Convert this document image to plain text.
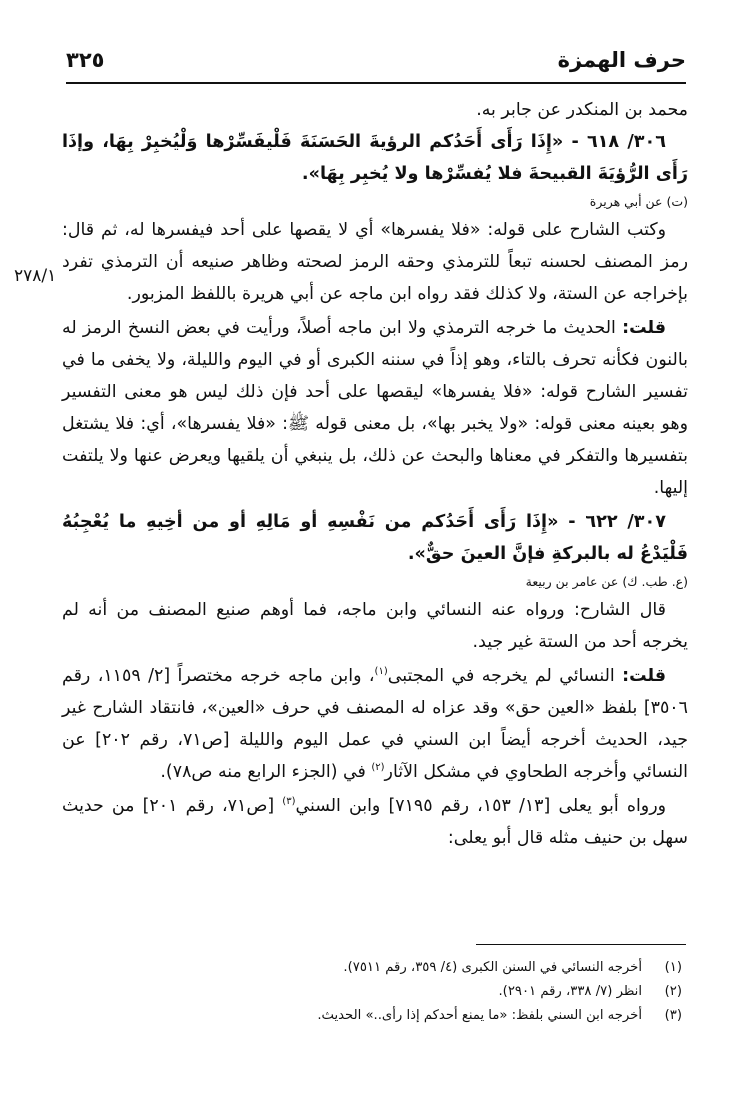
حرف الهمزة
٣٢٥
٢٧٨/١

محمد بن المنكدر عن جابر به.

٣٠٦/ ٦١٨ - «إِذَا رَأَى أَحَدُكم الرؤيةَ الحَسَنَةَ فَلْيفَسِّرْها وَلْيُخبِرْ بِهَا، وإذَا رَأَى الرُّؤيَةَ القبيحةَ فلا يُفسِّرْها ولا يُخبِر بِهَا».

(ت) عن أبي هريرة

وكتب الشارح على قوله: «فلا يفسرها» أي لا يقصها على أحد فيفسرها له، ثم قال: رمز المصنف لحسنه تبعاً للترمذي وحقه الرمز لصحته وظاهر صنيعه أن الترمذي تفرد بإخراجه عن الستة، ولا كذلك فقد رواه ابن ماجه عن أبي هريرة باللفظ المزبور.

قلت: الحديث ما خرجه الترمذي ولا ابن ماجه أصلاً، ورأيت في بعض النسخ الرمز له بالنون فكأنه تحرف بالتاء، وهو إذاً في سننه الكبرى أو في اليوم والليلة، ولا يخفى ما في تفسير الشارح قوله: «فلا يفسرها» ليقصها على أحد فإن ذلك ليس هو معنى التفسير وهو بعينه معنى قوله: «ولا يخبر بها»، بل معنى قوله ﷺ: «فلا يفسرها»، أي: فلا يشتغل بتفسيرها والتفكر في معناها والبحث عن ذلك، بل ينبغي أن يلقيها ويعرض عنها ولا يلتفت إليها.

٣٠٧/ ٦٢٢ - «إِذَا رَأَى أَحَدُكم من نَفْسِهِ أو مَالِهِ أو من أخِيهِ ما يُعْجِبُهُ فَلْيَدْعُ له بالبركةِ فإنَّ العينَ حقٌّ».

(ع. طب. ك) عن عامر بن ربيعة

قال الشارح: ورواه عنه النسائي وابن ماجه، فما أوهم صنيع المصنف من أنه لم يخرجه أحد من الستة غير جيد.

قلت: النسائي لم يخرجه في المجتبى$^{(١)}$، وابن ماجه خرجه مختصراً [٢/ ١١٥٩، رقم ٣٥٠٦] بلفظ «العين حق» وقد عزاه له المصنف في حرف «العين»، فانتقاد الشارح غير جيد، الحديث أخرجه أيضاً ابن السني في عمل اليوم والليلة [ص٧١، رقم ٢٠٢] عن النسائي وأخرجه الطحاوي في مشكل الآثار$^{(٢)}$ في (الجزء الرابع منه ص٧٨).

ورواه أبو يعلى [١٣/ ١٥٣، رقم ٧١٩٥] وابن السني$^{(٣)}$ [ص٧١، رقم ٢٠١] من حديث سهل بن حنيف مثله قال أبو يعلى:

(١)
أخرجه النسائي في السنن الكبرى (٤/ ٣٥٩، رقم ٧٥١١).
(٢)
انظر (٧/ ٣٣٨، رقم ٢٩٠١).
(٣)
أخرجه ابن السني بلفظ: «ما يمنع أحدكم إذا رأى..» الحديث.
